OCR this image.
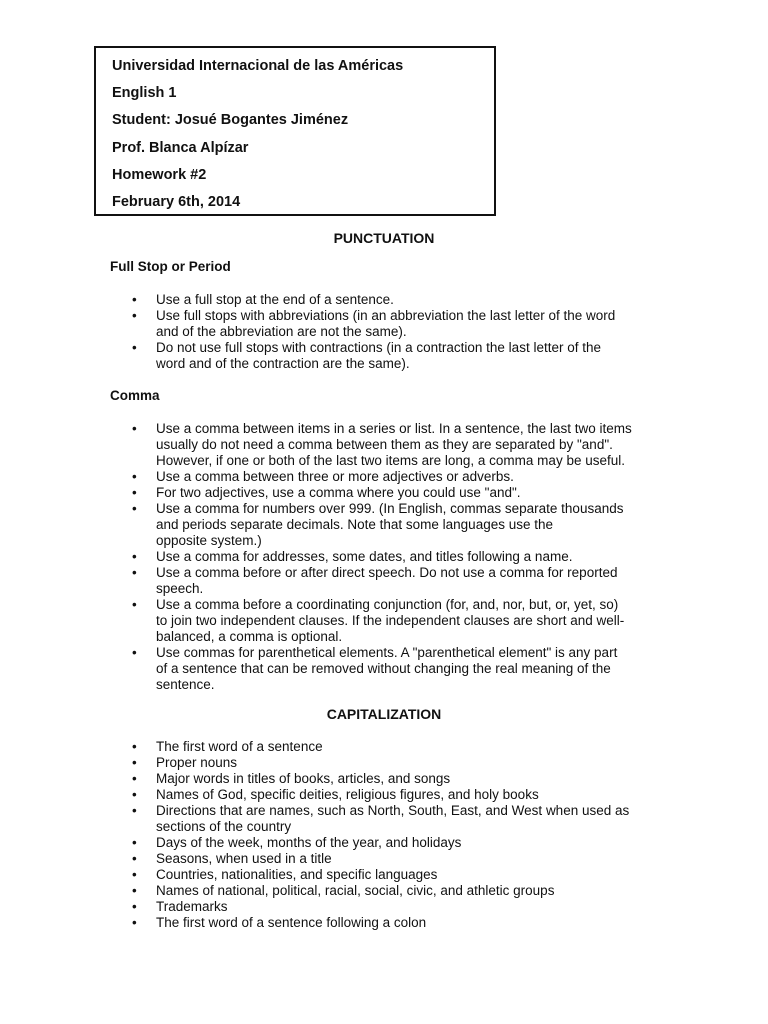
Universidad Internacional de las Américas
English 1
Student: Josué Bogantes Jiménez
Prof. Blanca Alpízar
Homework #2
February 6th, 2014
PUNCTUATION
Full Stop or Period
• Use a full stop at the end of a sentence.
• Use full stops with abbreviations (in an abbreviation the last letter of the word
and of the abbreviation are not the same).
• Do not use full stops with contractions (in a contraction the last letter of the
word and of the contraction are the same).
Comma
• Use a comma between items in a series or list. In a sentence, the last two items
usually do not need a comma between them as they are separated by "and".
However, if one or both of the last two items are long, a comma may be useful.
• Use a comma between three or more adjectives or adverbs.
• For two adjectives, use a comma where you could use "and".
• Use a comma for numbers over 999. (In English, commas separate thousands
and periods separate decimals. Note that some languages use the
opposite system.)
• Use a comma for addresses, some dates, and titles following a name.
• Use a comma before or after direct speech. Do not use a comma for reported
speech.
• Use a comma before a coordinating conjunction (for, and, nor, but, or, yet, so)
to join two independent clauses. If the independent clauses are short and well-
balanced, a comma is optional.
• Use commas for parenthetical elements. A "parenthetical element" is any part
of a sentence that can be removed without changing the real meaning of the
sentence.
CAPITALIZATION
• The first word of a sentence
• Proper nouns
• Major words in titles of books, articles, and songs
• Names of God, specific deities, religious figures, and holy books
• Directions that are names, such as North, South, East, and West when used as
sections of the country
• Days of the week, months of the year, and holidays
• Seasons, when used in a title
• Countries, nationalities, and specific languages
• Names of national, political, racial, social, civic, and athletic groups
• Trademarks
• The first word of a sentence following a colon
